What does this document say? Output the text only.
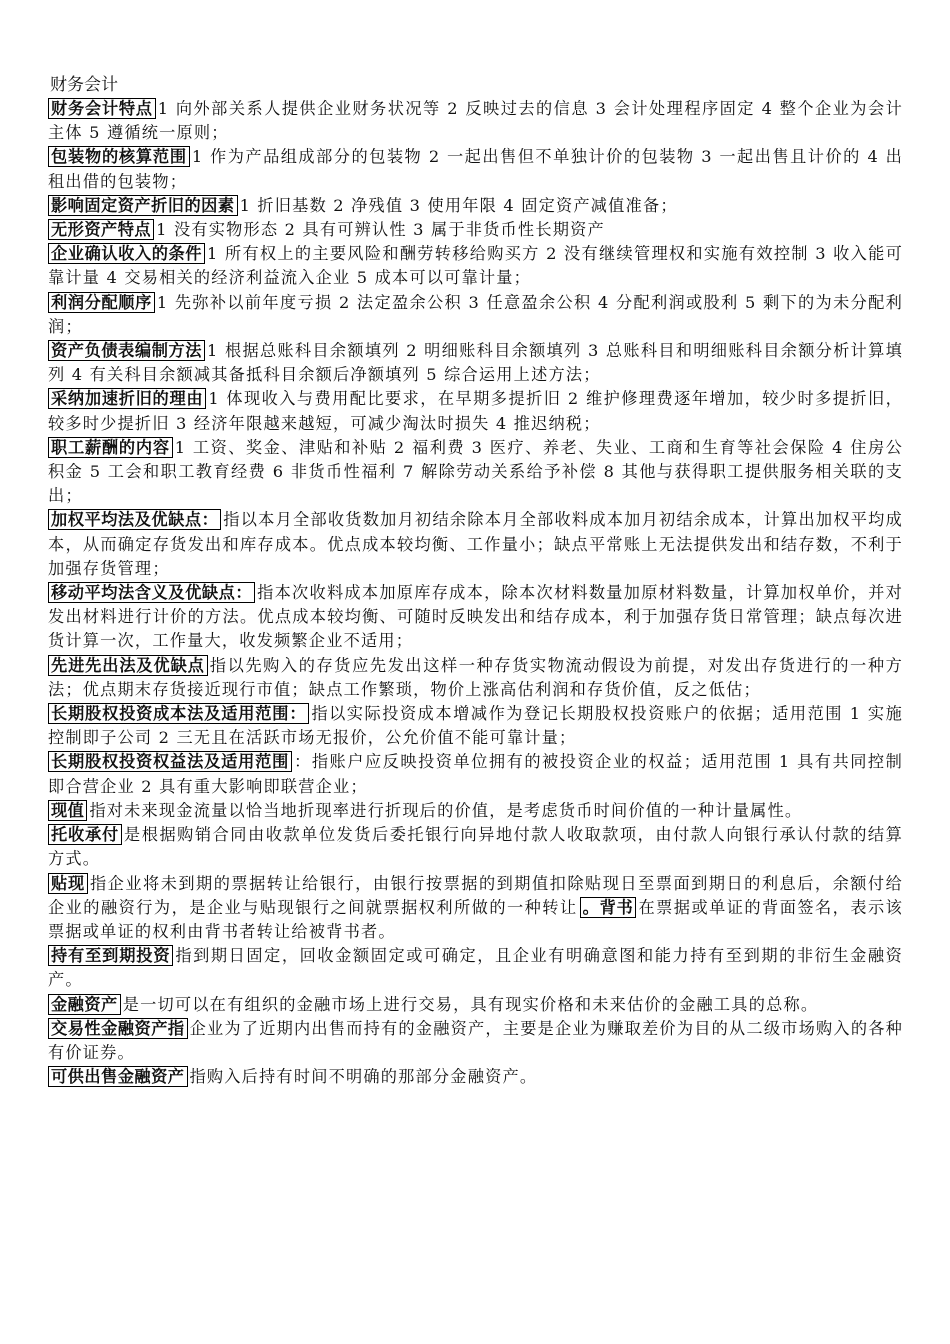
财务会计

财务会计特点 1 向外部关系人提供企业财务状况等 2 反映过去的信息 3 会计处理程序固定 4 整个企业为会计主体 5 遵循统一原则；

包装物的核算范围 1 作为产品组成部分的包装物 2 一起出售但不单独计价的包装物 3 一起出售且计价的 4 出租出借的包装物；

影响固定资产折旧的因素 1 折旧基数 2 净残值 3 使用年限 4 固定资产减值准备；

无形资产特点 1 没有实物形态 2 具有可辨认性 3 属于非货币性长期资产

企业确认收入的条件 1 所有权上的主要风险和酬劳转移给购买方 2 没有继续管理权和实施有效控制 3 收入能可靠计量 4 交易相关的经济利益流入企业 5 成本可以可靠计量；

利润分配顺序 1 先弥补以前年度亏损 2 法定盈余公积 3 任意盈余公积 4 分配利润或股利 5 剩下的为未分配利润；

资产负债表编制方法 1 根据总账科目余额填列 2 明细账科目余额填列 3 总账科目和明细账科目余额分析计算填列 4 有关科目余额减其备抵科目余额后净额填列 5 综合运用上述方法；

采纳加速折旧的理由 1 体现收入与费用配比要求，在早期多提折旧 2 维护修理费逐年增加，较少时多提折旧，较多时少提折旧 3 经济年限越来越短，可减少淘汰时损失 4 推迟纳税；

职工薪酬的内容 1 工资、奖金、津贴和补贴 2 福利费 3 医疗、养老、失业、工商和生育等社会保险 4 住房公积金 5 工会和职工教育经费 6 非货币性福利 7 解除劳动关系给予补偿 8 其他与获得职工提供服务相关联的支出；

加权平均法及优缺点： 指以本月全部收货数加月初结余除本月全部收料成本加月初结余成本，计算出加权平均成本，从而确定存货发出和库存成本。优点成本较均衡、工作量小；缺点平常账上无法提供发出和结存数，不利于加强存货管理；

移动平均法含义及优缺点： 指本次收料成本加原库存成本，除本次材料数量加原材料数量，计算加权单价，并对发出材料进行计价的方法。优点成本较均衡、可随时反映发出和结存成本，利于加强存货日常管理；缺点每次进货计算一次，工作量大，收发频繁企业不适用；

先进先出法及优缺点 指以先购入的存货应先发出这样一种存货实物流动假设为前提，对发出存货进行的一种方法；优点期末存货接近现行市值；缺点工作繁琐，物价上涨高估利润和存货价值，反之低估；

长期股权投资成本法及适用范围： 指以实际投资成本增减作为登记长期股权投资账户的依据；适用范围 1 实施控制即子公司 2 三无且在活跃市场无报价，公允价值不能可靠计量；

长期股权投资权益法及适用范围 ：指账户应反映投资单位拥有的被投资企业的权益；适用范围 1 具有共同控制即合营企业 2 具有重大影响即联营企业；

现值 指对未来现金流量以恰当地折现率进行折现后的价值，是考虑货币时间价值的一种计量属性。

托收承付 是根据购销合同由收款单位发货后委托银行向异地付款人收取款项，由付款人向银行承认付款的结算方式。

贴现 指企业将未到期的票据转让给银行，由银行按票据的到期值扣除贴现日至票面到期日的利息后，余额付给企业的融资行为，是企业与贴现银行之间就票据权利所做的一种转让 。背书 在票据或单证的背面签名，表示该票据或单证的权利由背书者转让给被背书者。

持有至到期投资 指到期日固定，回收金额固定或可确定，且企业有明确意图和能力持有至到期的非衍生金融资产。

金融资产 是一切可以在有组织的金融市场上进行交易，具有现实价格和未来估价的金融工具的总称。

交易性金融资产指 企业为了近期内出售而持有的金融资产，主要是企业为赚取差价为目的从二级市场购入的各种有价证券。

可供出售金融资产 指购入后持有时间不明确的那部分金融资产。
